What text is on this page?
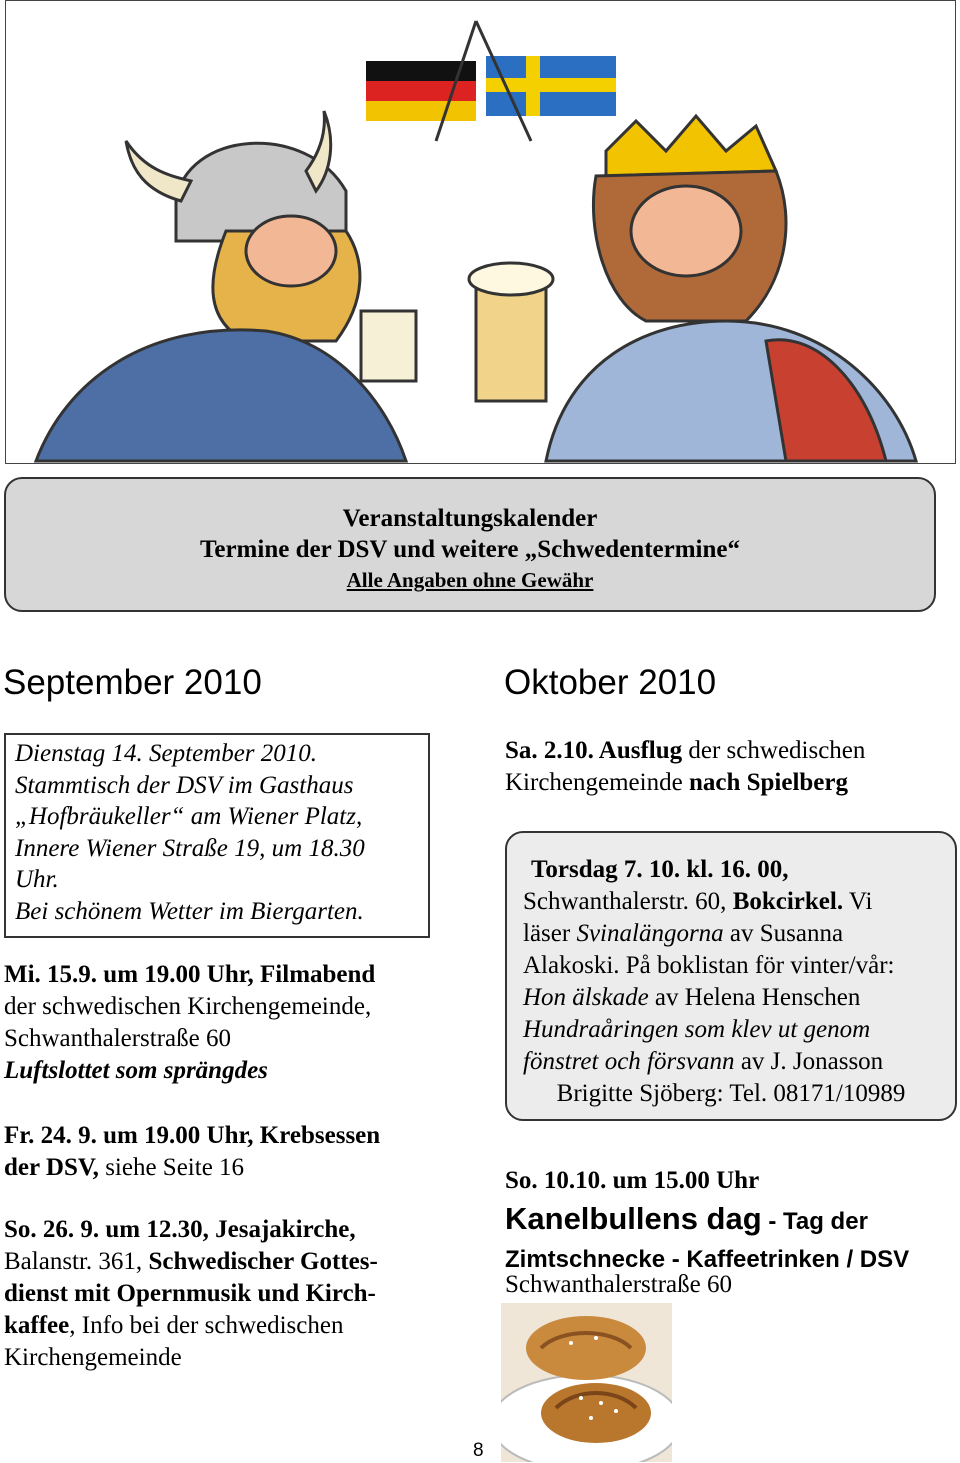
Veranstaltungskalender
Termine der DSV und weitere „Schwedentermine“
Alle Angaben ohne Gewähr
September 2010	Oktober 2010
Dienstag 14. September 2010.
Stammtisch der DSV im Gasthaus
„Hofbräukeller“ am Wiener Platz,
Innere Wiener Straße 19, um 18.30
Uhr.
Bei schönem Wetter im Biergarten.
Mi. 15.9. um 19.00 Uhr, Filmabend
der schwedischen Kirchengemeinde,
Schwanthalerstraße 60
Luftslottet som sprängdes
Fr. 24. 9. um 19.00 Uhr, Krebsessen
der DSV, siehe Seite 16
So. 26. 9. um 12.30, Jesajakirche,
Balanstr. 361, Schwedischer Gottes-
dienst mit Opernmusik und Kirch-
kaffee, Info bei der schwedischen
Kirchengemeinde
Sa. 2.10. Ausflug der schwedischen
Kirchengemeinde nach Spielberg
Torsdag 7. 10. kl. 16. 00,
Schwanthalerstr. 60, Bokcirkel. Vi
läser Svinalängorna av Susanna
Alakoski. På boklistan för vinter/vår:
Hon älskade av Helena Henschen
Hundraåringen som klev ut genom
fönstret och försvann av J. Jonasson
Brigitte Sjöberg: Tel. 08171/10989
So. 10.10. um 15.00 Uhr
Kanelbullens dag - Tag der
Zimtschnecke - Kaffeetrinken / DSV
Schwanthalerstraße 60
8
